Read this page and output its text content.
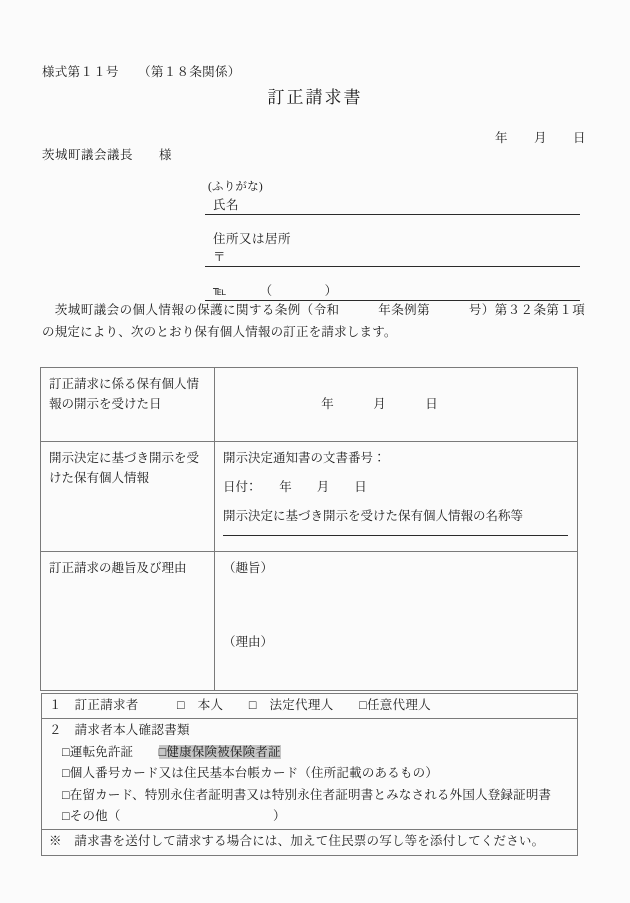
様式第１１号　　（第１８条関係）
訂正請求書
年　　月　　日
茨城町議会議長　　様
(ふりがな)
氏名
住所又は居所
〒
℡　　　（　　　　）
　茨城町議会の個人情報の保護に関する条例（令和　　　年条例第　　　号）第３２条第１項の規定により、次のとおり保有個人情報の訂正を請求します。
訂正請求に係る保有個人情報の開示を受けた日	年　　　月　　　日

開示決定に基づき開示を受けた保有個人情報	開示決定通知書の文書番号：
日付：　　年　　月　　日
開示決定に基づき開示を受けた保有個人情報の名称等

訂正請求の趣旨及び理由	（趣旨）
（理由）
１　訂正請求者　　　□　本人　　□　法定代理人　　□任意代理人

２　請求者本人確認書類
□運転免許証　　□健康保険被保険者証
□個人番号カード又は住民基本台帳カード（住所記載のあるもの）
□在留カード、特別永住者証明書又は特別永住者証明書とみなされる外国人登録証明書
□その他（　　　　　　　　　　　　）

※　請求書を送付して請求する場合には、加えて住民票の写し等を添付してください。
